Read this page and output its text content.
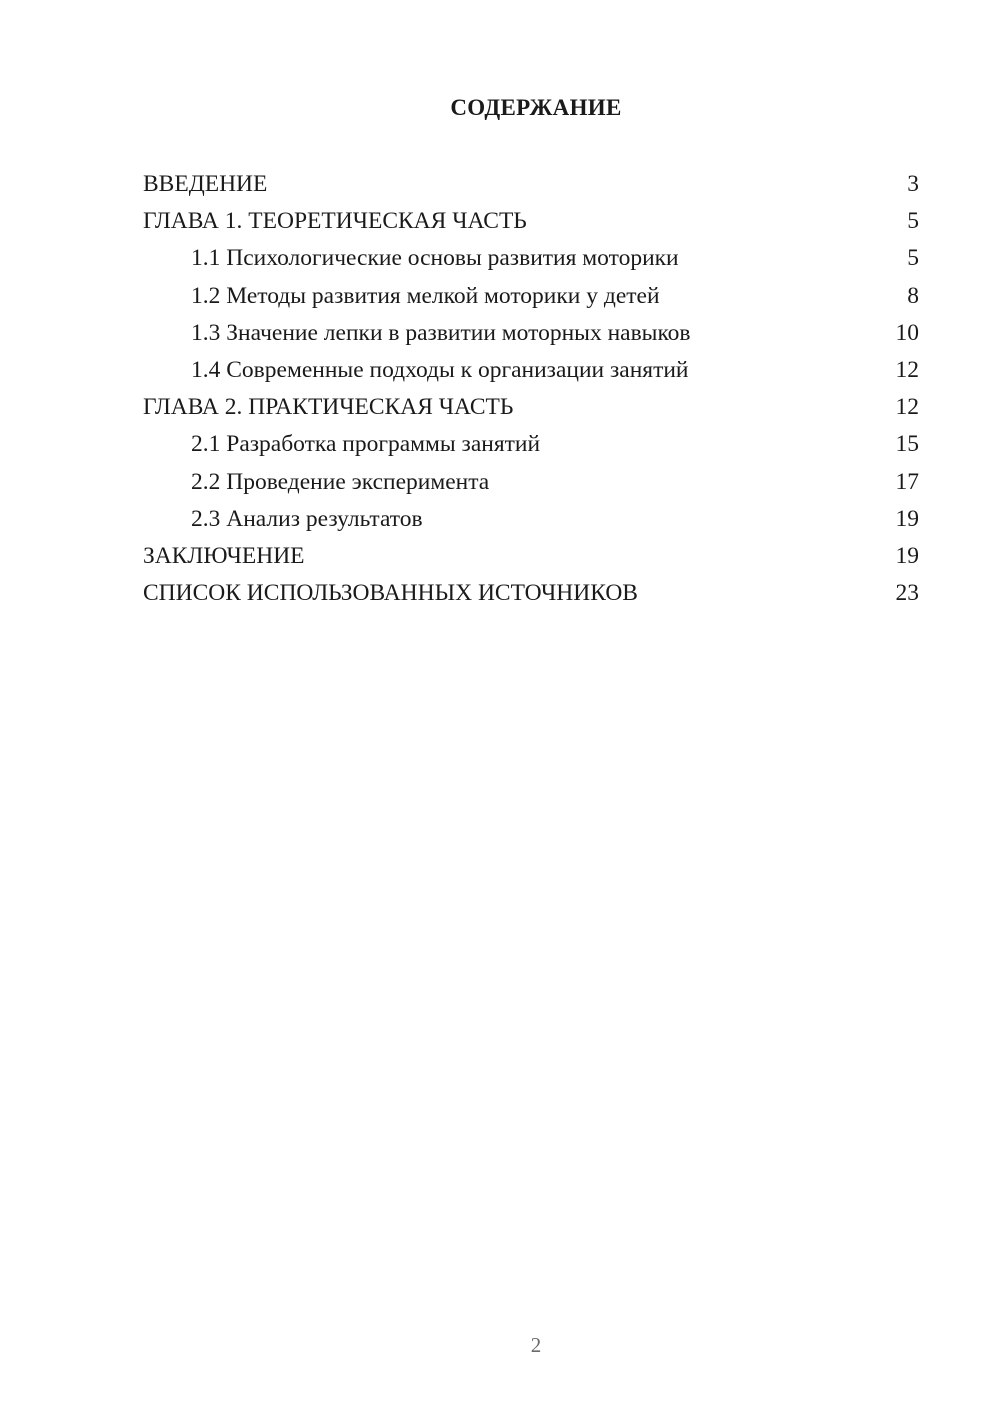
СОДЕРЖАНИЕ
ВВЕДЕНИЕ	3
ГЛАВА 1. ТЕОРЕТИЧЕСКАЯ ЧАСТЬ	5
1.1 Психологические основы развития моторики	5
1.2 Методы развития мелкой моторики у детей	8
1.3 Значение лепки в развитии моторных навыков	10
1.4 Современные подходы к организации занятий	12
ГЛАВА 2. ПРАКТИЧЕСКАЯ ЧАСТЬ	12
2.1 Разработка программы занятий	15
2.2 Проведение эксперимента	17
2.3 Анализ результатов	19
ЗАКЛЮЧЕНИЕ	19
СПИСОК ИСПОЛЬЗОВАННЫХ ИСТОЧНИКОВ	23
2
